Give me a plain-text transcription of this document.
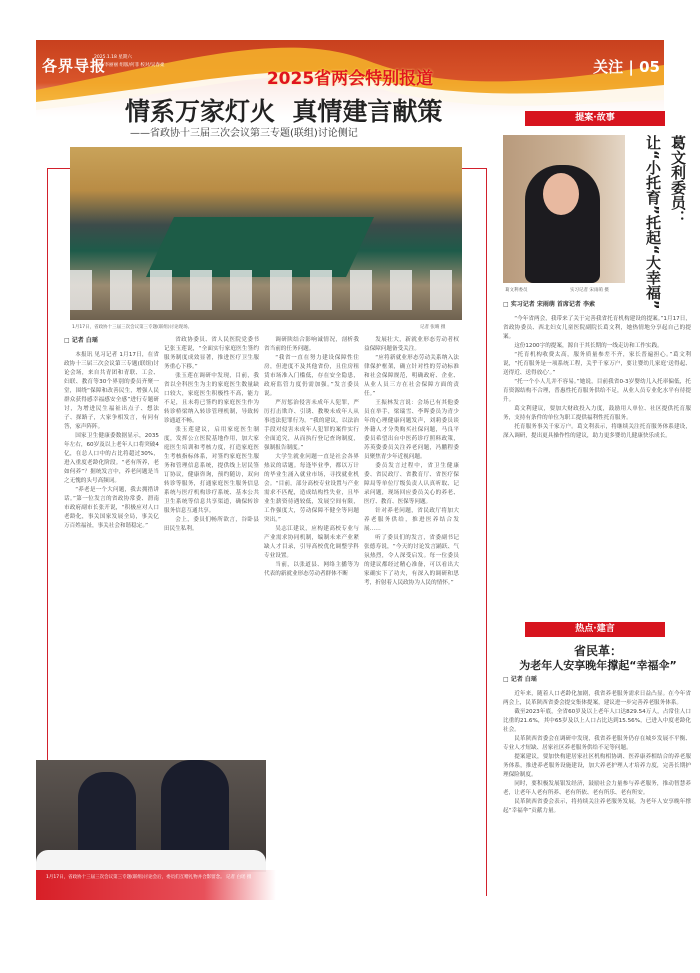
各界导报
2025.1.18 星期六
责编/李丽丽 组版/何菲 校对/吴春柔
2025省两会特别报道
关注 | 05
情系万家灯火  真情建言献策
——省政协十三届三次会议第三专题(联组)讨论侧记
1月17日，省政协十三届三次会议第三专题(联组)讨论现场。	记者 张晴 摄
□ 记者 白瑶

本报讯 见习记者 1月17日，在省政协十三届三次会议第三专题(联组)讨论会场，来自共青团和青联、工会、妇联、教育等30个界别的委员齐聚一堂，围绕“保障和改善民生，增强人民群众获得感幸福感安全感”进行专题研讨，为增进民生福祉出点子、想法子、探路子，大家争相发言，有问有答，家声阵阵。

国家卫生健康委数据显示，2035年左右，60岁及以上老年人口将突破4亿，在总人口中的占比将超过30%，进入重度老龄化阶段。“老有所养，老如何养”？据统发言中，养老问题是当之无愧的头号高频词。

“养老是一个大问题，我去拥措讲话。”第一位发言的省政协常委、渭南市政府副市长张开说，“积极应对人口老龄化，事关国家发展全局，事关亿万百姓福祉，事关社会和谐稳定。”

省政协委员、省人民医院党委书记张玉莲说，“全面实行家庭医生签约服务制度成效显著，推进医疗卫生服务重心下移。”

张玉莲在调研中发现，目前，我省以全科医生为主的家庭医生数量缺口较大，家庭医生积极性不高，能力不足，且未将已签约的家庭医生作为转诊桥梁纳入转诊管理机制，导致转诊通道不畅。

张玉莲建议，启用家庭医生制度，发挥公立医院基地作用，加大家庭医生培训和考核力度，打造家庭医生考核指标体系，对签约家庭医生服务和管理信息系统，提供线上居民签订协议，健康咨询，预约随访，双向转诊等服务，打通家庭医生服务信息系统与医疗机构诊疗系统、基本公共卫生系统等信息共享渠道，确保转诊服务信息互通共享。

会上，委员们畅所欲言，谷卧县田民生私利。

调研陕结合影响诚情况，剖析我省当前的任务问题。

“我省一直在努力建设保障性住房，但进度不及其他省份，且住房租赁市场准入门槛低，存在安全隐患，政府监管力度仍需加强。”发言委员说。

严厉惩治侵害未成年人犯罪，严厉打击欺诈、引诱、教唆未成年人从事违法犯罪行为。“我的建议，以法治手段对侵害未成年人犯罪的案件实行全面追究，从而执行登记查询制度，强制报告制度。”

大学生就业问题一直是社会各界热议的话题。每逢毕业季，都以万计的毕业生涌入就业市场，寻找就业机会。“目前，部分高校专业设置与产业需求不匹配，造成结构性失业，且毕业生薪资待遇较低，发展空间有限，工作强度大，劳动保障不健全等问题突出。”

吴志江建议，应构建高校专业与产业需求协同机制，编制未来产业紧缺人才目录，引导高校优化调整学科专业设置。

当前，以张道县、网络主播等为代表的新就业形态劳动者群体不断

发展壮大，新就业形态劳动者权益保障问题备受关注。

“应将新就业形态劳动关系纳入法律保护框架，确立针对性的劳动标准和社会保障规范，明确政府、企业、从业人员三方在社会保障方面的责任。”

王振林发言说：会场已有其他委员在举手，梁瑞雪、李晖委员为青少年的心理健康问题发声，刘莉委员谈外籍人才分类购买社保问题，马良平委员希望出台中医药诊疗照料政策，苏英姿委员关注养老问题，冯鹏程委员聚焦青少年近视问题。

委员发言过程中，省卫生健康委、省民政厅、省教育厅、省医疗保障局等单位厅级负责人认真听取、记录问题，现场回应委员关心的养老、医疗、教育、医保等问题。

针对养老问题，省民政厅将加大养老服务供给，推进医养结合发展……

听了委员们的发言，省委副书记张德寿说，“今天的讨论发言踊跃、气氛热烈，令人深受启发。每一位委员的建议都经过精心准备，可以看出大家确实下了功夫，有深入的调研和思考，折射着人民政协为人民的情怀。”

1月17日，省政协十三届三次会议第三专题(联组)讨论会后，委员们互赠礼物并合影留念。 记者 白瑶 摄
提案·故事
葛文利委员：
让“小托育”托起“大幸福”
葛文利委员	实习记者 宋雨萌 摄
□ 实习记者 宋雨萌 首席记者 李索

“今年省两会，我带来了关于完善我省托育机构建设的提案。”1月17日，省政协委员、西北妇女儿童医院副院长葛文利，她热情地分享起自己的提案。

这份1200字的提案，源自于其长期的一线走访和工作实践。

“托育机构收费太高，服务质量参差不齐，家长普遍担心。”葛文利说，“托育服务是一项系统工程，关乎千家万户，要让婴幼儿家庭‘送得起、送得近、送得放心’。”

“托一个小人儿并不容易。”她说，目前我省0-3岁婴幼儿入托率偏低，托育资源结构不合理，普惠性托育服务供给不足，从业人员专业化水平有待提升。

葛文利建议，要加大财政投入力度，鼓励用人单位、社区提供托育服务，支持有条件的单位为职工提供福利性托育服务。

托育服务事关千家万户。葛文利表示，将继续关注托育服务体系建设，深入调研，提出更具操作性的建议，助力更多婴幼儿健康快乐成长。

热点·建言
省民革：
为老年人安享晚年撑起“幸福伞”
□ 记者 白瑶

近年来，随着人口老龄化加剧，我省养老服务需求日益凸显。在今年省两会上，民革陕西省委会提交集体提案，建议进一步完善养老服务体系。

截至2023年底，全省60岁及以上老年人口达829.54万人，占常住人口比重的21.6%，其中65岁及以上人口占比达到15.56%，已进入中度老龄化社会。

民革陕西省委会在调研中发现，我省养老服务仍存在城乡发展不平衡、专业人才短缺、居家社区养老服务供给不足等问题。

提案建议，要加快构建居家社区机构相协调、医养康养相结合的养老服务体系，推进养老服务设施建设，加大养老护理人才培养力度，完善长期护理保险制度。

同时，要积极发展银发经济，鼓励社会力量参与养老服务，推动智慧养老，让老年人老有所养、老有所依、老有所乐、老有所安。

民革陕西省委会表示，将持续关注养老服务发展，为老年人安享晚年撑起“幸福伞”贡献力量。
